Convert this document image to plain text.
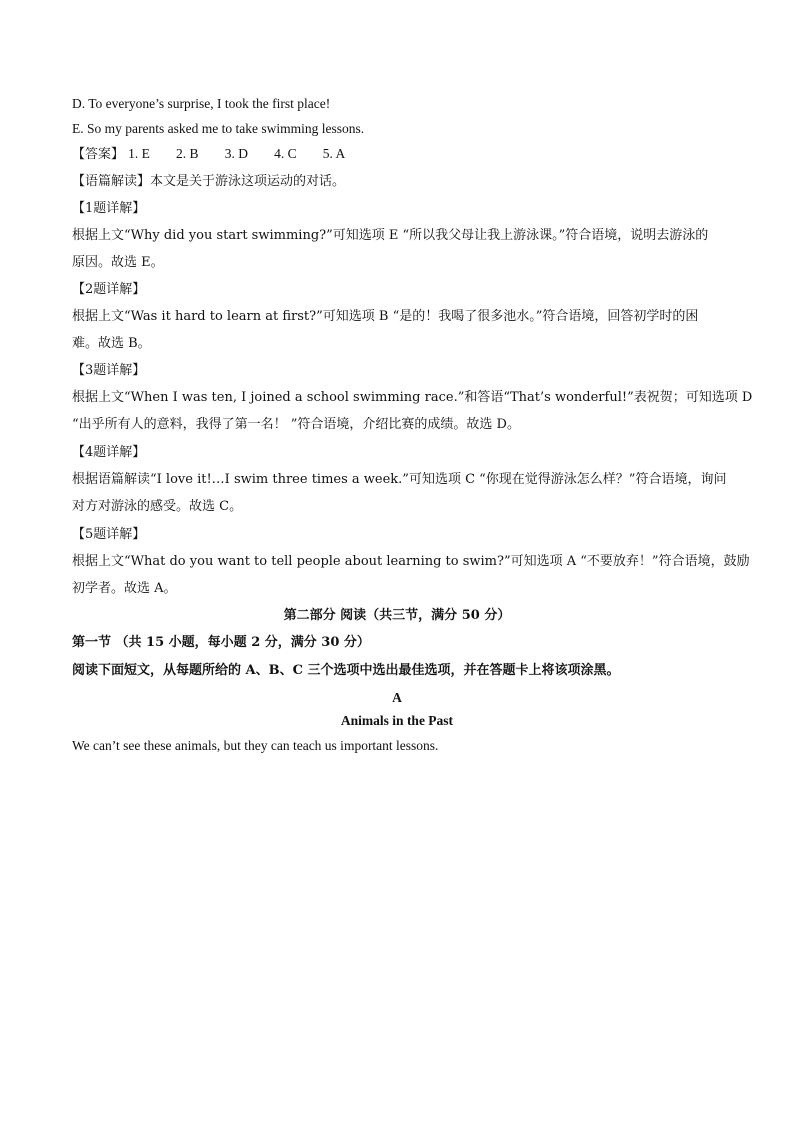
D. To everyone’s surprise, I took the first place!
E. So my parents asked me to take swimming lessons.
【答案】 1. E 2. B 3. D 4. C 5. A
【语篇解读】本文是关于游泳这项运动的对话。
【1题详解】
根据上文“Why did you start swimming?”可知选项 E “所以我父母让我上游泳课。”符合语境，说明去游泳的
原因。故选 E。
【2题详解】
根据上文“Was it hard to learn at first?”可知选项 B “是的！我喝了很多池水。”符合语境，回答初学时的困
难。故选 B。
【3题详解】
根据上文“When I was ten, I joined a school swimming race.”和答语“That’s wonderful!”表祝贺；可知选项 D
“出乎所有人的意料，我得了第一名！ ”符合语境，介绍比赛的成绩。故选 D。
【4题详解】
根据语篇解读“I love it!…I swim three times a week.”可知选项 C “你现在觉得游泳怎么样？”符合语境，询问
对方对游泳的感受。故选 C。
【5题详解】
根据上文“What do you want to tell people about learning to swim?”可知选项 A “不要放弃！”符合语境，鼓励
初学者。故选 A。
第二部分 阅读（共三节，满分 50 分）
第一节 （共 15 小题，每小题 2 分，满分 30 分）
阅读下面短文，从每题所给的 A、B、C 三个选项中选出最佳选项，并在答题卡上将该项涂黑。
A
Animals in the Past
We can’t see these animals, but they can teach us important lessons.
